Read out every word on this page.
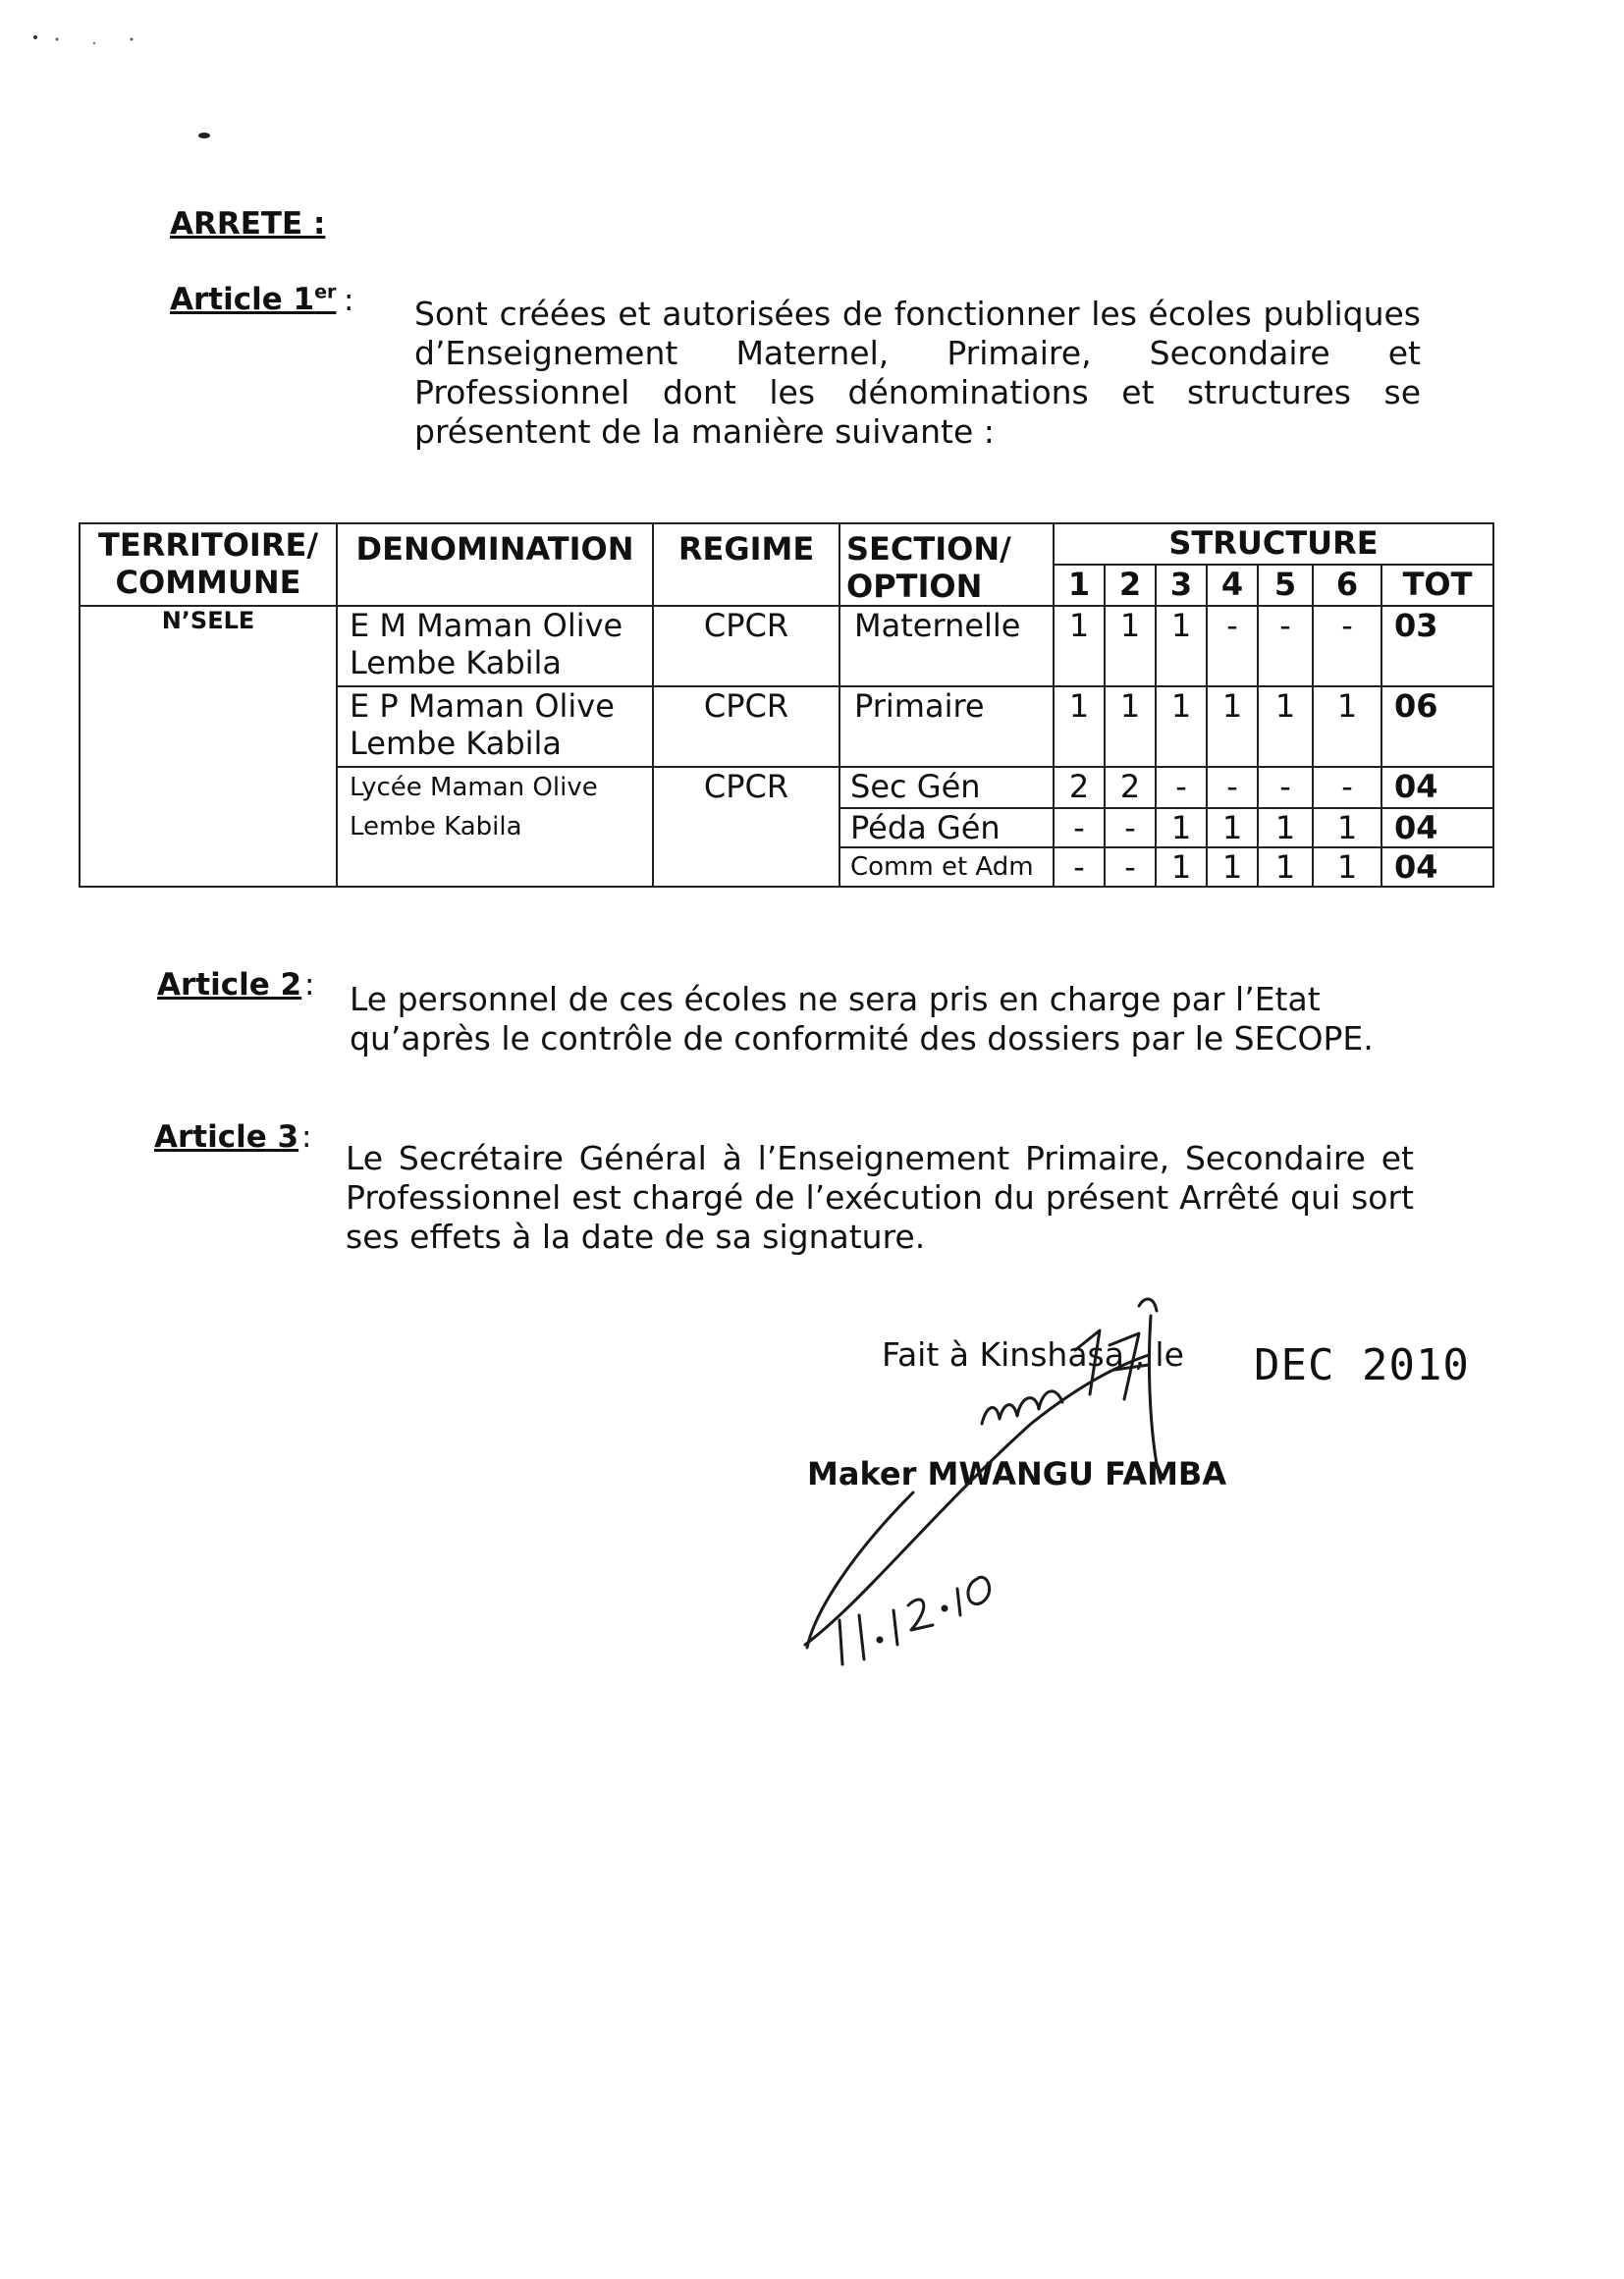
ARRETE :
Article 1er : Sont créées et autorisées de fonctionner les écoles publiques d’Enseignement Maternel, Primaire, Secondaire et Professionnel dont les dénominations et structures se présentent de la manière suivante :
TERRITOIRE/ COMMUNE	DENOMINATION	REGIME	SECTION/ OPTION	STRUCTURE						
				1	2	3	4	5	6	TOT
N’SELE	E M Maman Olive Lembe Kabila	CPCR	Maternelle	1	1	1	-	-	-	03
	E P Maman Olive Lembe Kabila	CPCR	Primaire	1	1	1	1	1	1	06
	Lycée Maman Olive Lembe Kabila	CPCR	Sec Gén	2	2	-	-	-	-	04
			Péda Gén	-	-	1	1	1	1	04
			Comm et Adm	-	-	1	1	1	1	04
Article 2 : Le personnel de ces écoles ne sera pris en charge par l’Etat qu’après le contrôle de conformité des dossiers par le SECOPE.
Article 3 :
Le Secrétaire Général à l’Enseignement Primaire, Secondaire et Professionnel est chargé de l’exécution du présent Arrêté qui sort ses effets à la date de sa signature.
Fait à Kinshasa , le DEC 2010
Maker MWANGU FAMBA
